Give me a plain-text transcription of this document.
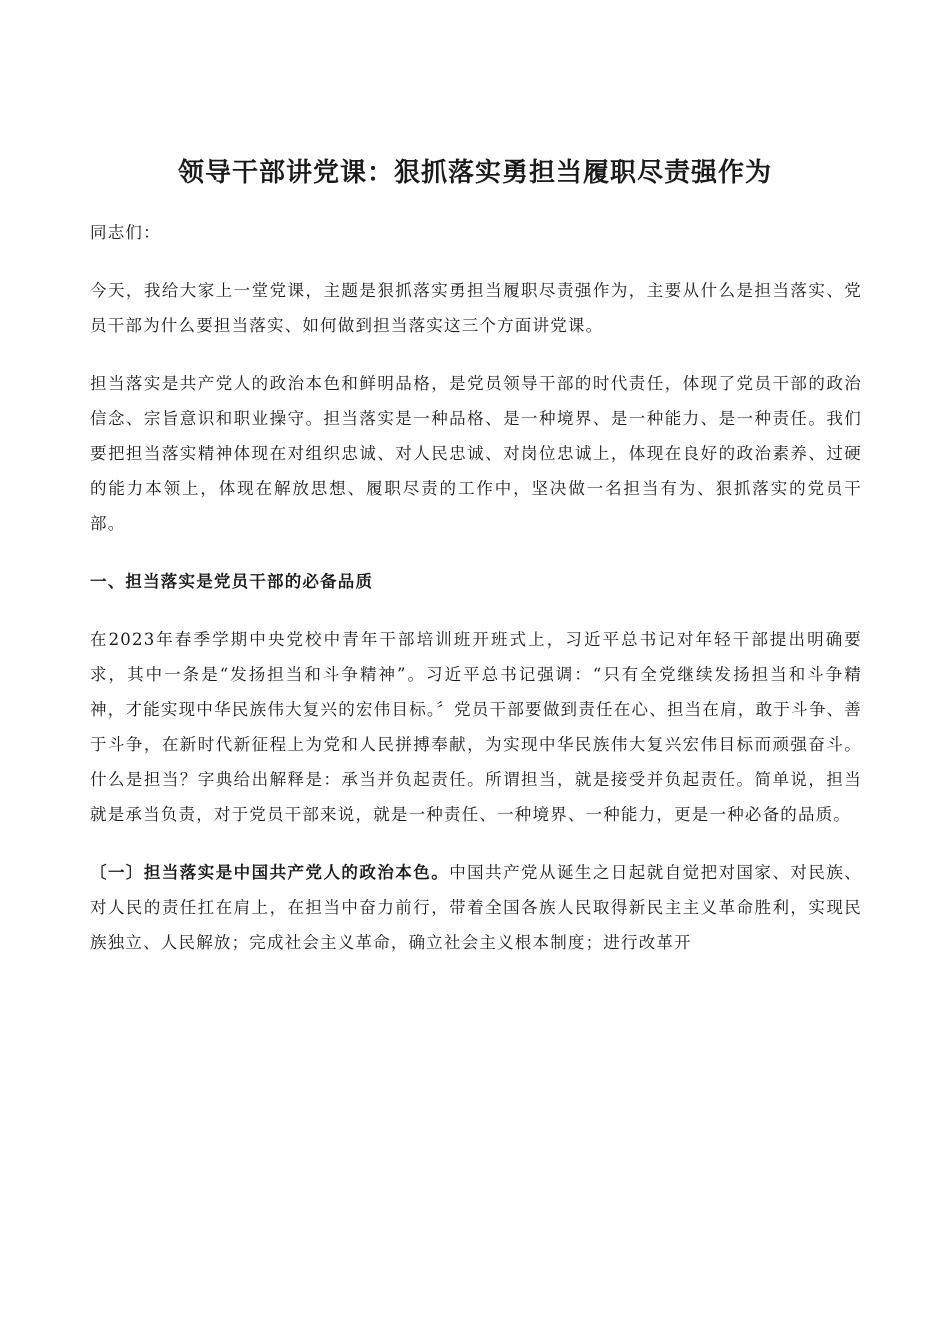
领导干部讲党课：狠抓落实勇担当履职尽责强作为

同志们：

今天，我给大家上一堂党课，主题是狠抓落实勇担当履职尽责强作为，主要从什么是担当落实、党员干部为什么要担当落实、如何做到担当落实这三个方面讲党课。

担当落实是共产党人的政治本色和鲜明品格，是党员领导干部的时代责任，体现了党员干部的政治信念、宗旨意识和职业操守。担当落实是一种品格、是一种境界、是一种能力、是一种责任。我们要把担当落实精神体现在对组织忠诚、对人民忠诚、对岗位忠诚上，体现在良好的政治素养、过硬的能力本领上，体现在解放思想、履职尽责的工作中，坚决做一名担当有为、狠抓落实的党员干部。

一、担当落实是党员干部的必备品质

在2023年春季学期中央党校中青年干部培训班开班式上，习近平总书记对年轻干部提出明确要求，其中一条是“发扬担当和斗争精神”。习近平总书记强调：“只有全党继续发扬担当和斗争精神，才能实现中华民族伟大复兴的宏伟目标。〞党员干部要做到责任在心、担当在肩，敢于斗争、善于斗争，在新时代新征程上为党和人民拼搏奉献，为实现中华民族伟大复兴宏伟目标而顽强奋斗。什么是担当？字典给出解释是：承当并负起责任。所谓担当，就是接受并负起责任。简单说，担当就是承当负责，对于党员干部来说，就是一种责任、一种境界、一种能力，更是一种必备的品质。

〔一〕担当落实是中国共产党人的政治本色。中国共产党从诞生之日起就自觉把对国家、对民族、对人民的责任扛在肩上，在担当中奋力前行，带着全国各族人民取得新民主主义革命胜利，实现民族独立、人民解放；完成社会主义革命，确立社会主义根本制度；进行改革开
